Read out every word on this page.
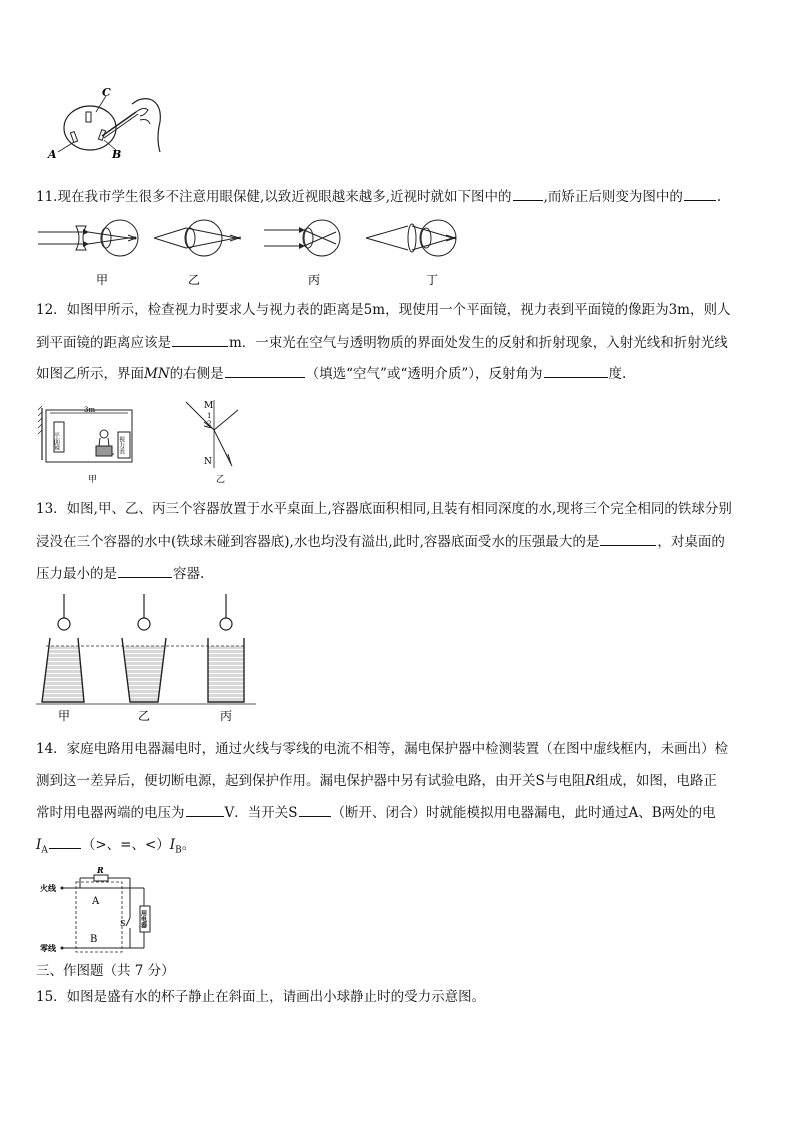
C
A	B
11.现在我市学生很多不注意用眼保健,以致近视眼越来越多,近视时就如下图中的 ,而矫正后则变为图中的	.
甲	乙	丙	丁
12．如图甲所示，检查视力时要求人与视力表的距离是5m，现使用一个平面镜，视力表到平面镜的像距为3m，则人
到平面镜的距离应该是	m．一束光在空气与透明物质的界面处发生的反射和折射现象，入射光线和折射光线
如图乙所示，界面MN的右侧是	（填选“空气”或“透明介质”），反射角为	度.
3m
平面镜	视力表
甲
M
N
1
2
乙
13．如图,甲、乙、丙三个容器放置于水平桌面上,容器底面积相同,且装有相同深度的水,现将三个完全相同的铁球分别
浸没在三个容器的水中(铁球未碰到容器底),水也均没有溢出,此时,容器底面受水的压强最大的是	，对桌面的
压力最小的是	容器.
甲	乙	丙
14．家庭电路用电器漏电时，通过火线与零线的电流不相等，漏电保护器中检测装置（在图中虚线框内，未画出）检
测到这一差异后，便切断电源，起到保护作用。漏电保护器中另有试验电路，由开关S与电阻R组成，如图，电路正
常时用电器两端的电压为	V．当开关S	（断开、闭合）时就能模拟用电器漏电，此时通过A、B两处的电
$I_A$	（>、=、$<)I_B$。
火线
零线
R
S
A
B
用电器
三、作图题（共 7 分）
15．如图是盛有水的杯子静止在斜面上，请画出小球静止时的受力示意图。
